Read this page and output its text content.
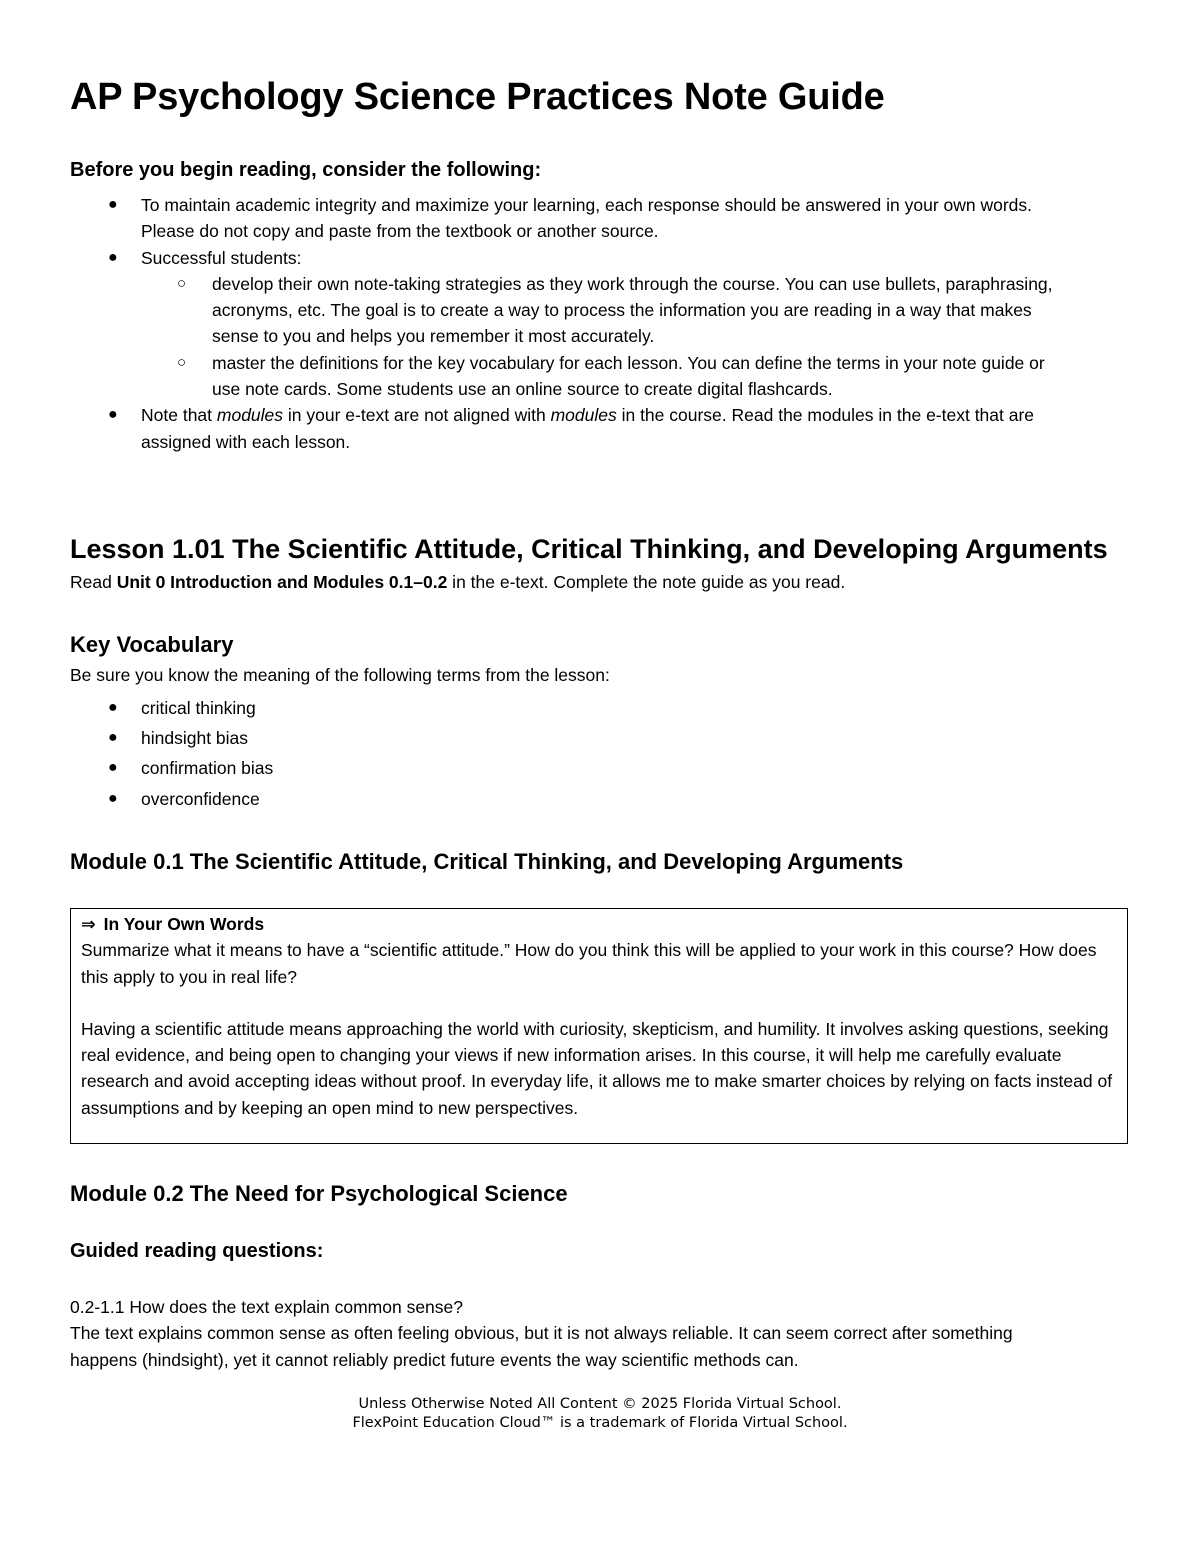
AP Psychology Science Practices Note Guide
Before you begin reading, consider the following:
● To maintain academic integrity and maximize your learning, each response should be answered in your own words. Please do not copy and paste from the textbook or another source.
● Successful students:
○ develop their own note-taking strategies as they work through the course. You can use bullets, paraphrasing, acronyms, etc. The goal is to create a way to process the information you are reading in a way that makes sense to you and helps you remember it most accurately.
○ master the definitions for the key vocabulary for each lesson. You can define the terms in your note guide or use note cards. Some students use an online source to create digital flashcards.
● Note that modules in your e-text are not aligned with modules in the course. Read the modules in the e-text that are assigned with each lesson.
Lesson 1.01 The Scientific Attitude, Critical Thinking, and Developing Arguments
Read Unit 0 Introduction and Modules 0.1–0.2 in the e-text. Complete the note guide as you read.
Key Vocabulary
Be sure you know the meaning of the following terms from the lesson:
● critical thinking
● hindsight bias
● confirmation bias
● overconfidence
Module 0.1 The Scientific Attitude, Critical Thinking, and Developing Arguments
⇒ In Your Own Words
Summarize what it means to have a “scientific attitude.” How do you think this will be applied to your work in this course? How does this apply to you in real life?
Having a scientific attitude means approaching the world with curiosity, skepticism, and humility. It involves asking questions, seeking real evidence, and being open to changing your views if new information arises. In this course, it will help me carefully evaluate research and avoid accepting ideas without proof. In everyday life, it allows me to make smarter choices by relying on facts instead of assumptions and by keeping an open mind to new perspectives.
Module 0.2 The Need for Psychological Science
Guided reading questions:
0.2-1.1 How does the text explain common sense?
The text explains common sense as often feeling obvious, but it is not always reliable. It can seem correct after something happens (hindsight), yet it cannot reliably predict future events the way scientific methods can.
Unless Otherwise Noted All Content © 2025 Florida Virtual School.
FlexPoint Education Cloud™ is a trademark of Florida Virtual School.
